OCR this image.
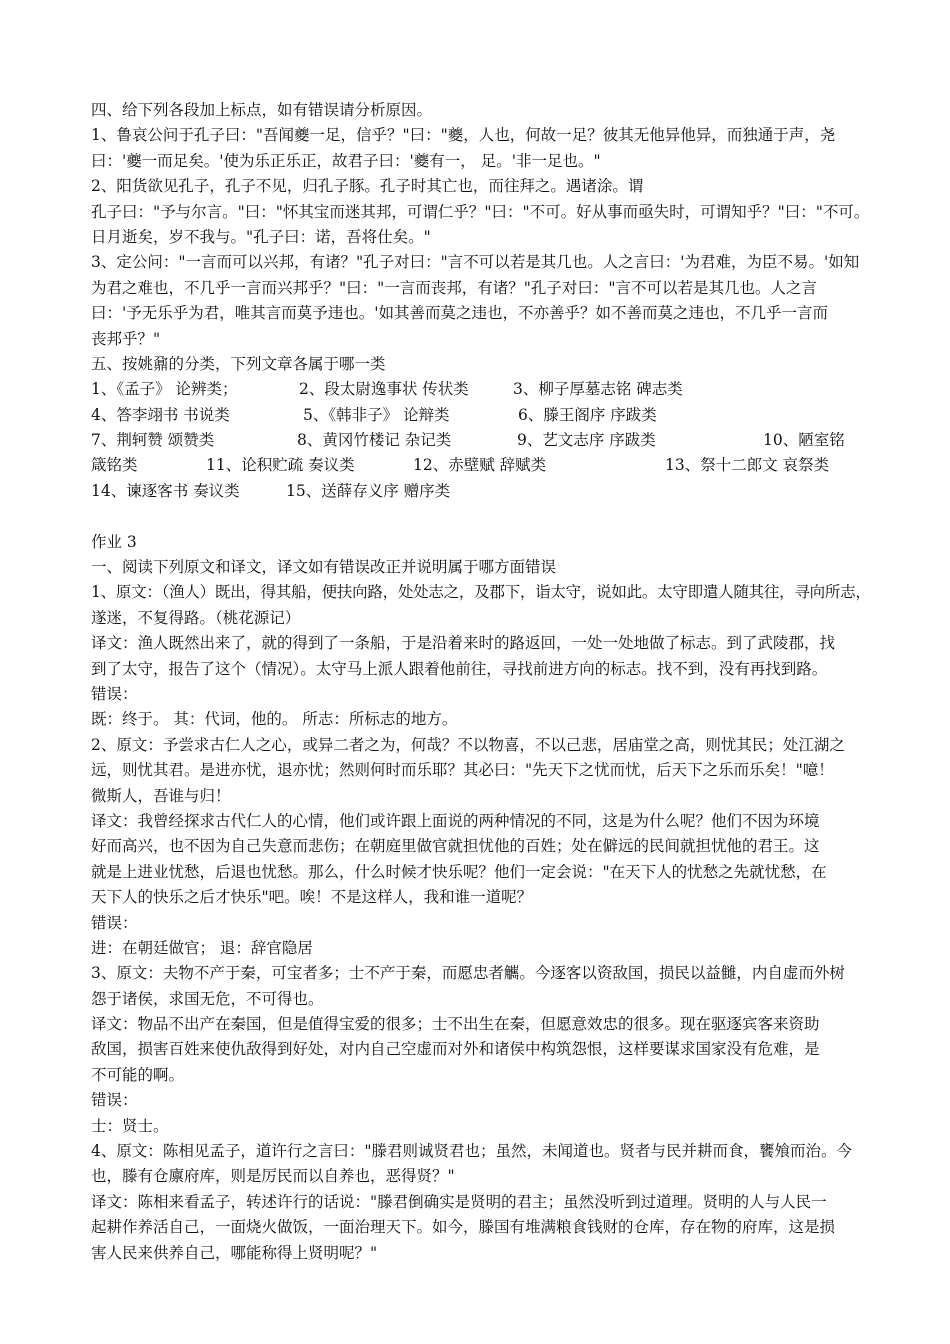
四、给下列各段加上标点，如有错误请分析原因。
1、鲁哀公问于孔子曰："吾闻夔一足，信乎？"曰："夔，人也，何故一足？彼其无他异他异，而独通于声，尧
曰：'夔一而足矣。'使为乐正乐正，故君子曰：'夔有一， 足。'非一足也。"
2、阳货欲见孔子，孔子不见，归孔子豚。孔子时其亡也，而往拜之。遇诸涂。谓
孔子曰："予与尔言。"曰："怀其宝而迷其邦，可谓仁乎？"曰："不可。好从事而亟失时，可谓知乎？"曰："不可。
日月逝矣，岁不我与。"孔子曰：诺，吾将仕矣。"
3、定公问："一言而可以兴邦，有诸？"孔子对曰："言不可以若是其几也。人之言曰：'为君难，为臣不易。'如知
为君之难也，不几乎一言而兴邦乎？"曰："一言而丧邦，有诸？"孔子对曰："言不可以若是其几也。人之言
曰：'予无乐乎为君，唯其言而莫予违也。'如其善而莫之违也，不亦善乎？如不善而莫之违也，不几乎一言而
丧邦乎？"
五、按姚鼐的分类，下列文章各属于哪一类
1、《孟子》 论辨类；	2、段太尉逸事状 传状类	3、柳子厚墓志铭 碑志类
4、答李翊书 书说类	5、《韩非子》 论辩类	6、滕王阁序 序跋类
7、荆轲赞 颂赞类	8、黄冈竹楼记 杂记类	9、艺文志序 序跋类	10、陋室铭
箴铭类	11、论积贮疏 奏议类	12、赤壁赋 辞赋类	13、祭十二郎文 哀祭类
14、谏逐客书 奏议类	15、送薛存义序 赠序类
作业 3
一、阅读下列原文和译文，译文如有错误改正并说明属于哪方面错误
1、原文：（渔人）既出，得其船，便扶向路，处处志之，及郡下，诣太守，说如此。太守即遣人随其往，寻向所志，
遂迷，不复得路。（桃花源记）
译文：渔人既然出来了，就的得到了一条船，于是沿着来时的路返回，一处一处地做了标志。到了武陵郡，找
到了太守，报告了这个（情况）。太守马上派人跟着他前往，寻找前进方向的标志。找不到，没有再找到路。
错误：
既：终于。 其：代词，他的。 所志：所标志的地方。
2、原文：予尝求古仁人之心，或异二者之为，何哉？不以物喜，不以己悲，居庙堂之高，则忧其民；处江湖之
远，则忧其君。是进亦忧，退亦忧；然则何时而乐耶？其必曰："先天下之忧而忧，后天下之乐而乐矣！"噫！
微斯人，吾谁与归！
译文：我曾经探求古代仁人的心情，他们或许跟上面说的两种情况的不同，这是为什么呢？他们不因为环境
好而高兴，也不因为自己失意而悲伤；在朝庭里做官就担忧他的百姓；处在僻远的民间就担忧他的君王。这
就是上进业忧愁，后退也忧愁。那么，什么时候才快乐呢？他们一定会说："在天下人的忧愁之先就忧愁，在
天下人的快乐之后才快乐"吧。唉！不是这样人，我和谁一道呢？
错误：
进：在朝廷做官； 退：辞官隐居
3、原文：夫物不产于秦，可宝者多；士不产于秦，而愿忠者觽。今逐客以资敌国，损民以益雠，内自虚而外树
怨于诸侯，求国无危，不可得也。
译文：物品不出产在秦国，但是值得宝爱的很多；士不出生在秦，但愿意效忠的很多。现在驱逐宾客来资助
敌国，损害百姓来使仇敌得到好处，对内自己空虚而对外和诸侯中构筑怨恨，这样要谋求国家没有危难，是
不可能的啊。
错误：
士：贤士。
4、原文：陈相见孟子，道许行之言曰："滕君则诚贤君也；虽然，未闻道也。贤者与民并耕而食，饔飧而治。今
也，滕有仓廪府库，则是厉民而以自养也，恶得贤？"
译文：陈相来看孟子，转述许行的话说："滕君倒确实是贤明的君主；虽然没听到过道理。贤明的人与人民一
起耕作养活自己，一面烧火做饭，一面治理天下。如今，滕国有堆满粮食钱财的仓库，存在物的府库，这是损
害人民来供养自己，哪能称得上贤明呢？"
